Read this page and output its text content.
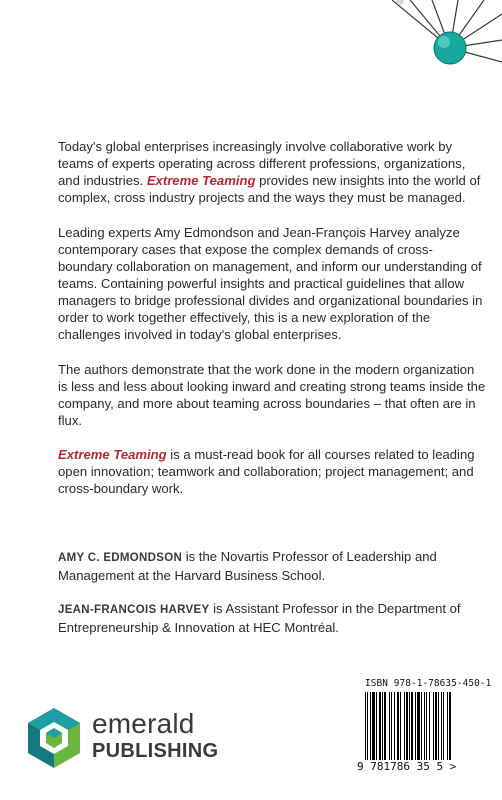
Today's global enterprises increasingly involve collaborative work by teams of experts operating across different professions, organizations, and industries. Extreme Teaming provides new insights into the world of complex, cross industry projects and the ways they must be managed.

Leading experts Amy Edmondson and Jean-François Harvey analyze contemporary cases that expose the complex demands of cross-boundary collaboration on management, and inform our understanding of teams. Containing powerful insights and practical guidelines that allow managers to bridge professional divides and organizational boundaries in order to work together effectively, this is a new exploration of the challenges involved in today's global enterprises.

The authors demonstrate that the work done in the modern organization is less and less about looking inward and creating strong teams inside the company, and more about teaming across boundaries – that often are in flux.

Extreme Teaming is a must-read book for all courses related to leading open innovation; teamwork and collaboration; project management; and cross-boundary work.

AMY C. EDMONDSON is the Novartis Professor of Leadership and Management at the Harvard Business School.

JEAN-FRANCOIS HARVEY is Assistant Professor in the Department of Entrepreneurship & Innovation at HEC Montréal.

emerald
PUBLISHING
ISBN 978-1-78635-450-1
9 781786 35 5 >
